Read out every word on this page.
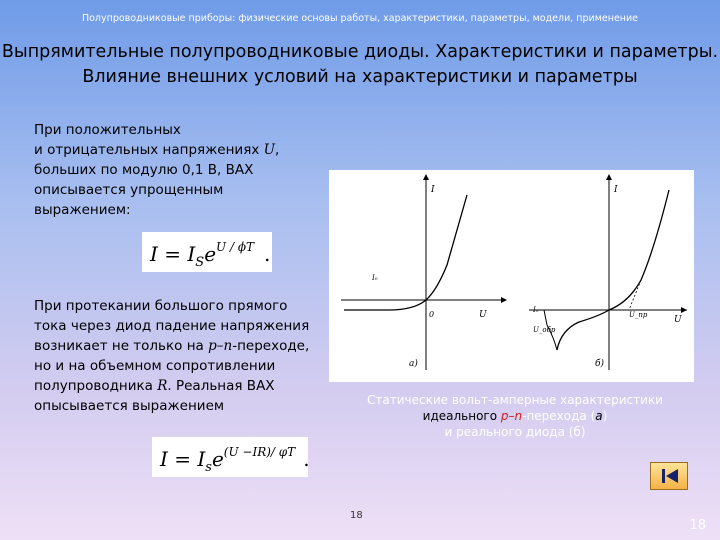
Полупроводниковые приборы: физические основы работы, характеристики, параметры, модели, применение
Выпрямительные полупроводниковые диоды. Характеристики и параметры.
Влияние внешних условий на характеристики и параметры
При положительных
и отрицательных напряжениях U,
больших по модулю 0,1 В, ВАХ
описывается упрощенным
выражением:
$I = I_Se^{U / \phi T}$ .
При протекании большого прямого
тока через диод падение напряжения
возникает не только на p–n-переходе,
но и на объемном сопротивлении
полупроводника R. Реальная ВАХ
опысывается выражением
$I = I_se^{(U -IR)/ \varphi T}$ .
I
U
0
I₀
а)
I
U
I₀
U_обр
U_пр
б)
Статические вольт-амперные характеристики
идеального p–n-перехода (а)
и реального диода (б)
18
18
